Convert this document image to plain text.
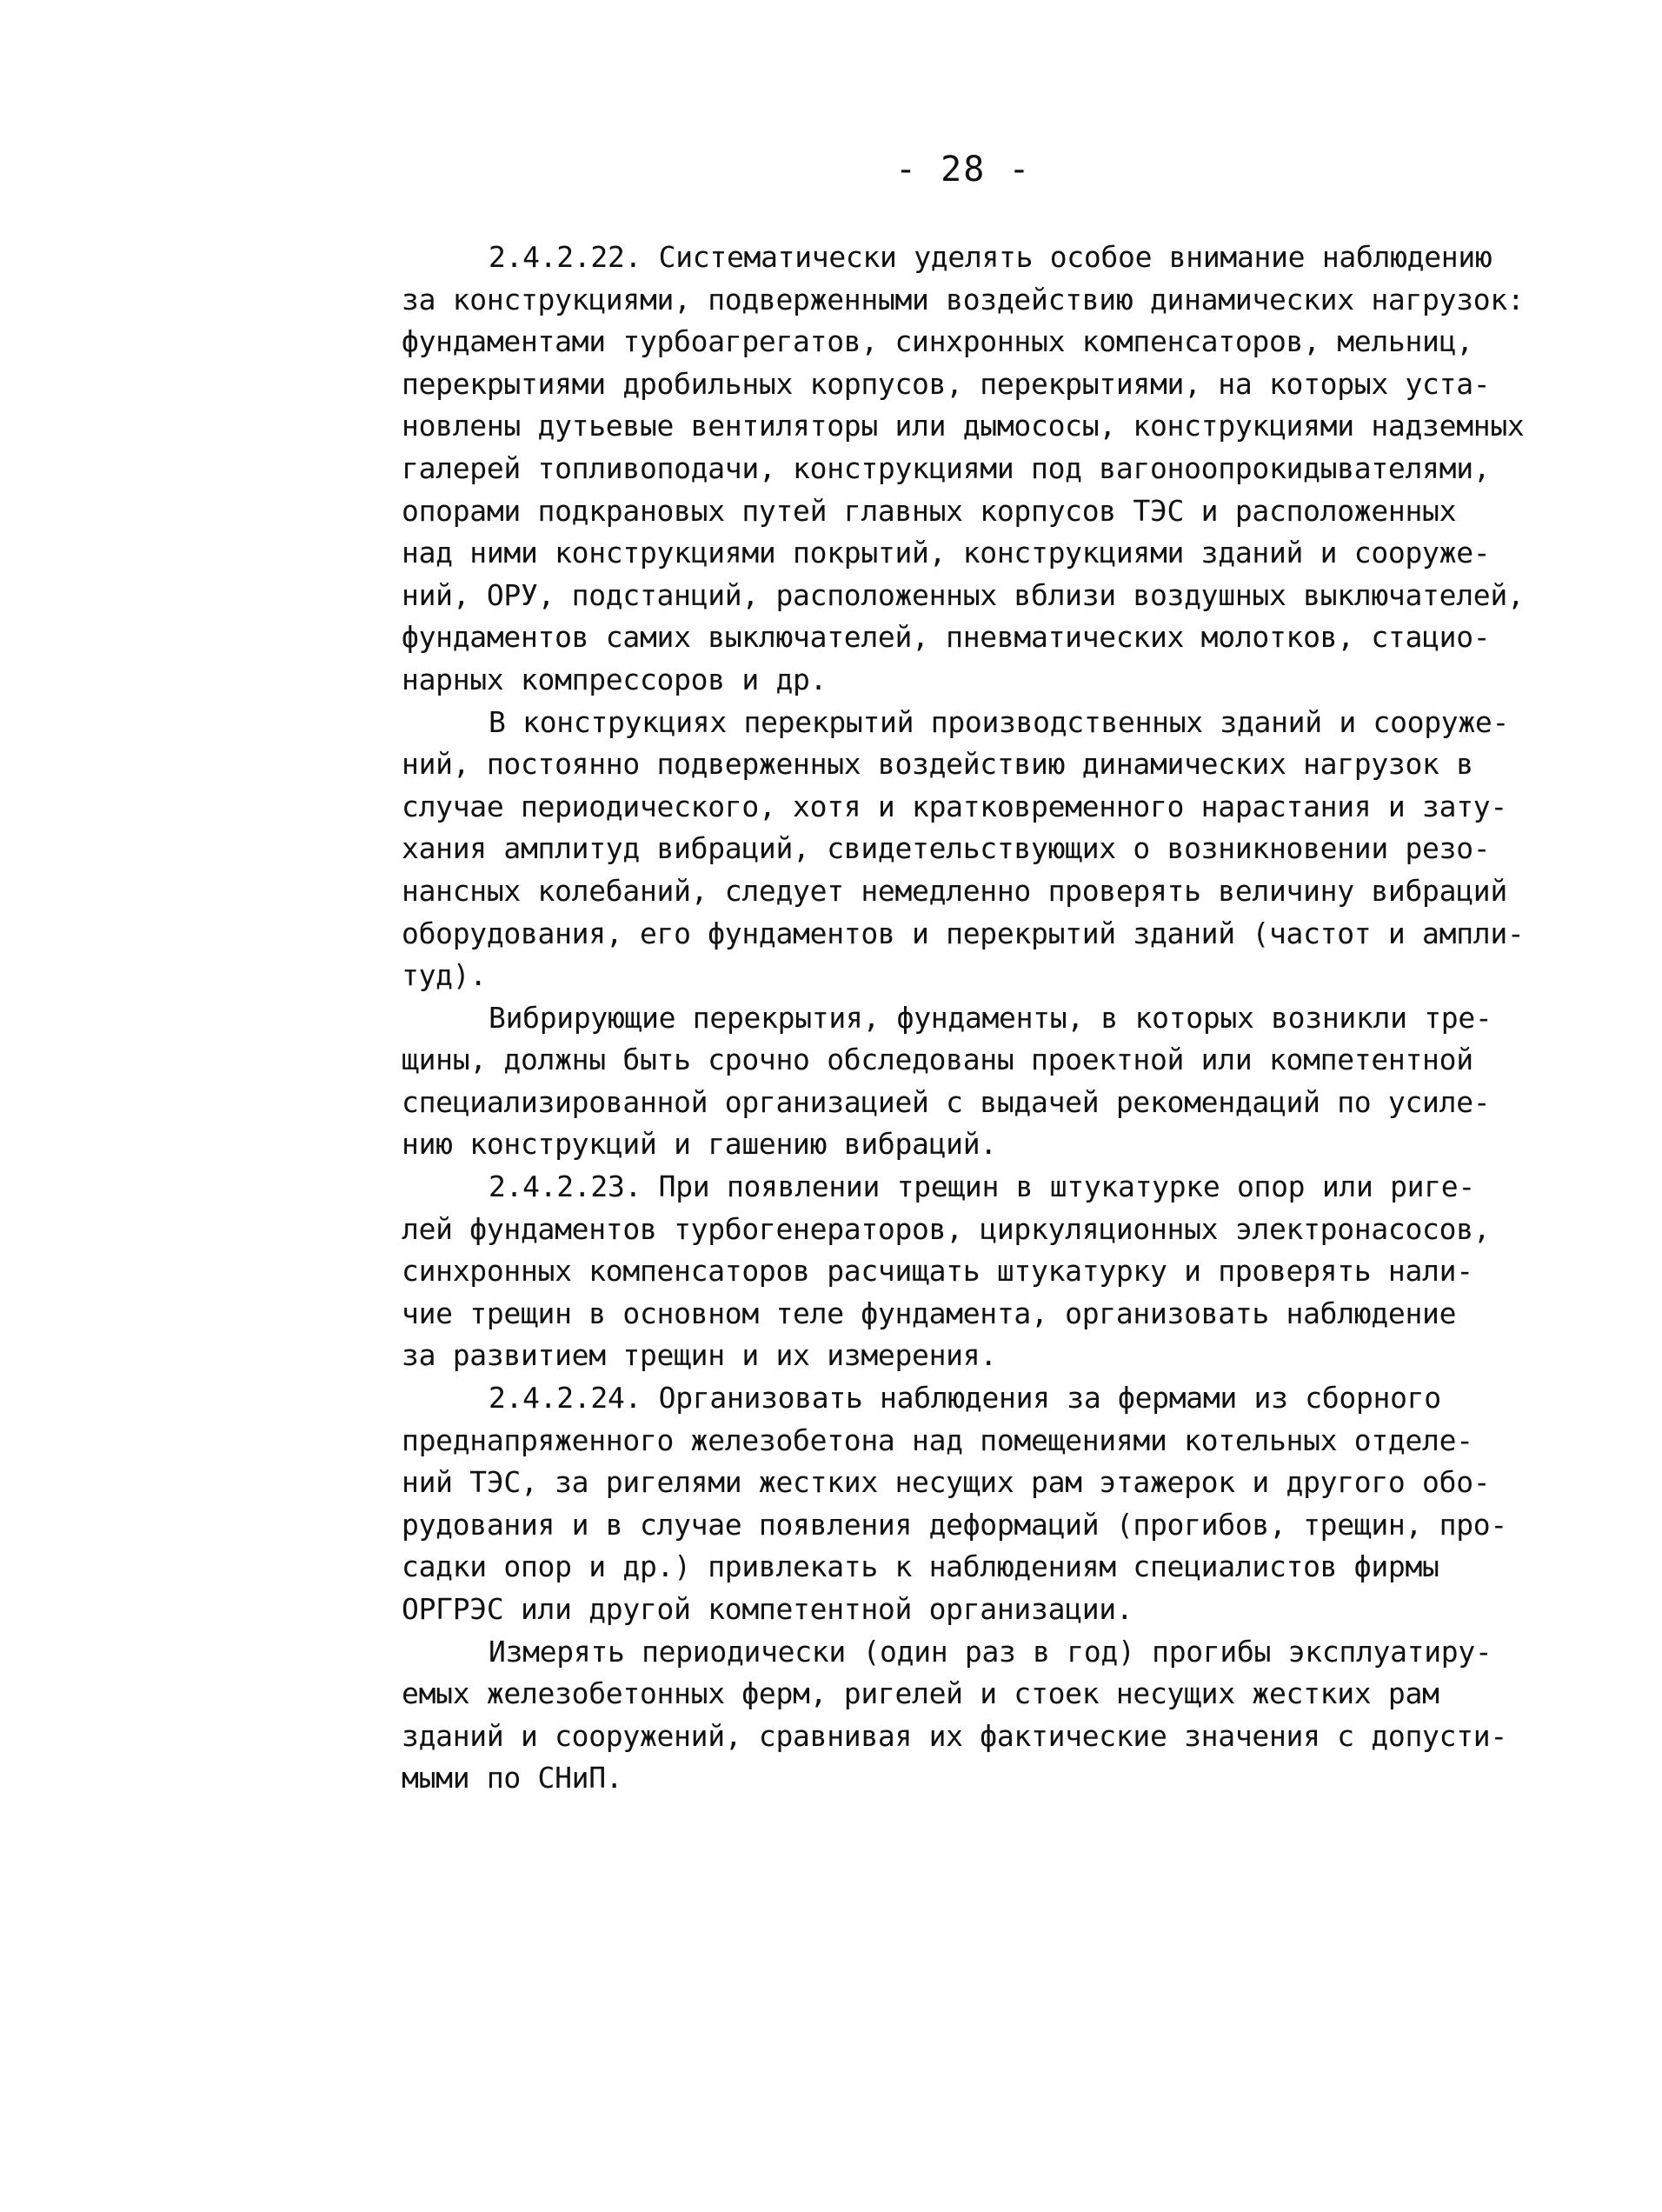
- 28 -
2.4.2.22. Систематически уделять особое внимание наблюдению
за конструкциями, подверженными воздействию динамических нагрузок:
фундаментами турбоагрегатов, синхронных компенсаторов, мельниц,
перекрытиями дробильных корпусов, перекрытиями, на которых уста-
новлены дутьевые вентиляторы или дымососы, конструкциями надземных
галерей топливоподачи, конструкциями под вагоноопрокидывателями,
опорами подкрановых путей главных корпусов ТЭС и расположенных
над ними конструкциями покрытий, конструкциями зданий и сооруже-
ний, ОРУ, подстанций, расположенных вблизи воздушных выключателей,
фундаментов самих выключателей, пневматических молотков, стацио-
нарных компрессоров и др.
В конструкциях перекрытий производственных зданий и сооруже-
ний, постоянно подверженных воздействию динамических нагрузок в
случае периодического, хотя и кратковременного нарастания и зату-
хания амплитуд вибраций, свидетельствующих о возникновении резо-
нансных колебаний, следует немедленно проверять величину вибраций
оборудования, его фундаментов и перекрытий зданий (частот и ампли-
туд).
Вибрирующие перекрытия, фундаменты, в которых возникли тре-
щины, должны быть срочно обследованы проектной или компетентной
специализированной организацией с выдачей рекомендаций по усиле-
нию конструкций и гашению вибраций.
2.4.2.23. При появлении трещин в штукатурке опор или риге-
лей фундаментов турбогенераторов, циркуляционных электронасосов,
синхронных компенсаторов расчищать штукатурку и проверять нали-
чие трещин в основном теле фундамента, организовать наблюдение
за развитием трещин и их измерения.
2.4.2.24. Организовать наблюдения за фермами из сборного
преднапряженного железобетона над помещениями котельных отделе-
ний ТЭС, за ригелями жестких несущих рам этажерок и другого обо-
рудования и в случае появления деформаций (прогибов, трещин, про-
садки опор и др.) привлекать к наблюдениям специалистов фирмы
ОРГРЭС или другой компетентной организации.
Измерять периодически (один раз в год) прогибы эксплуатиру-
емых железобетонных ферм, ригелей и стоек несущих жестких рам
зданий и сооружений, сравнивая их фактические значения с допусти-
мыми по СНиП.
